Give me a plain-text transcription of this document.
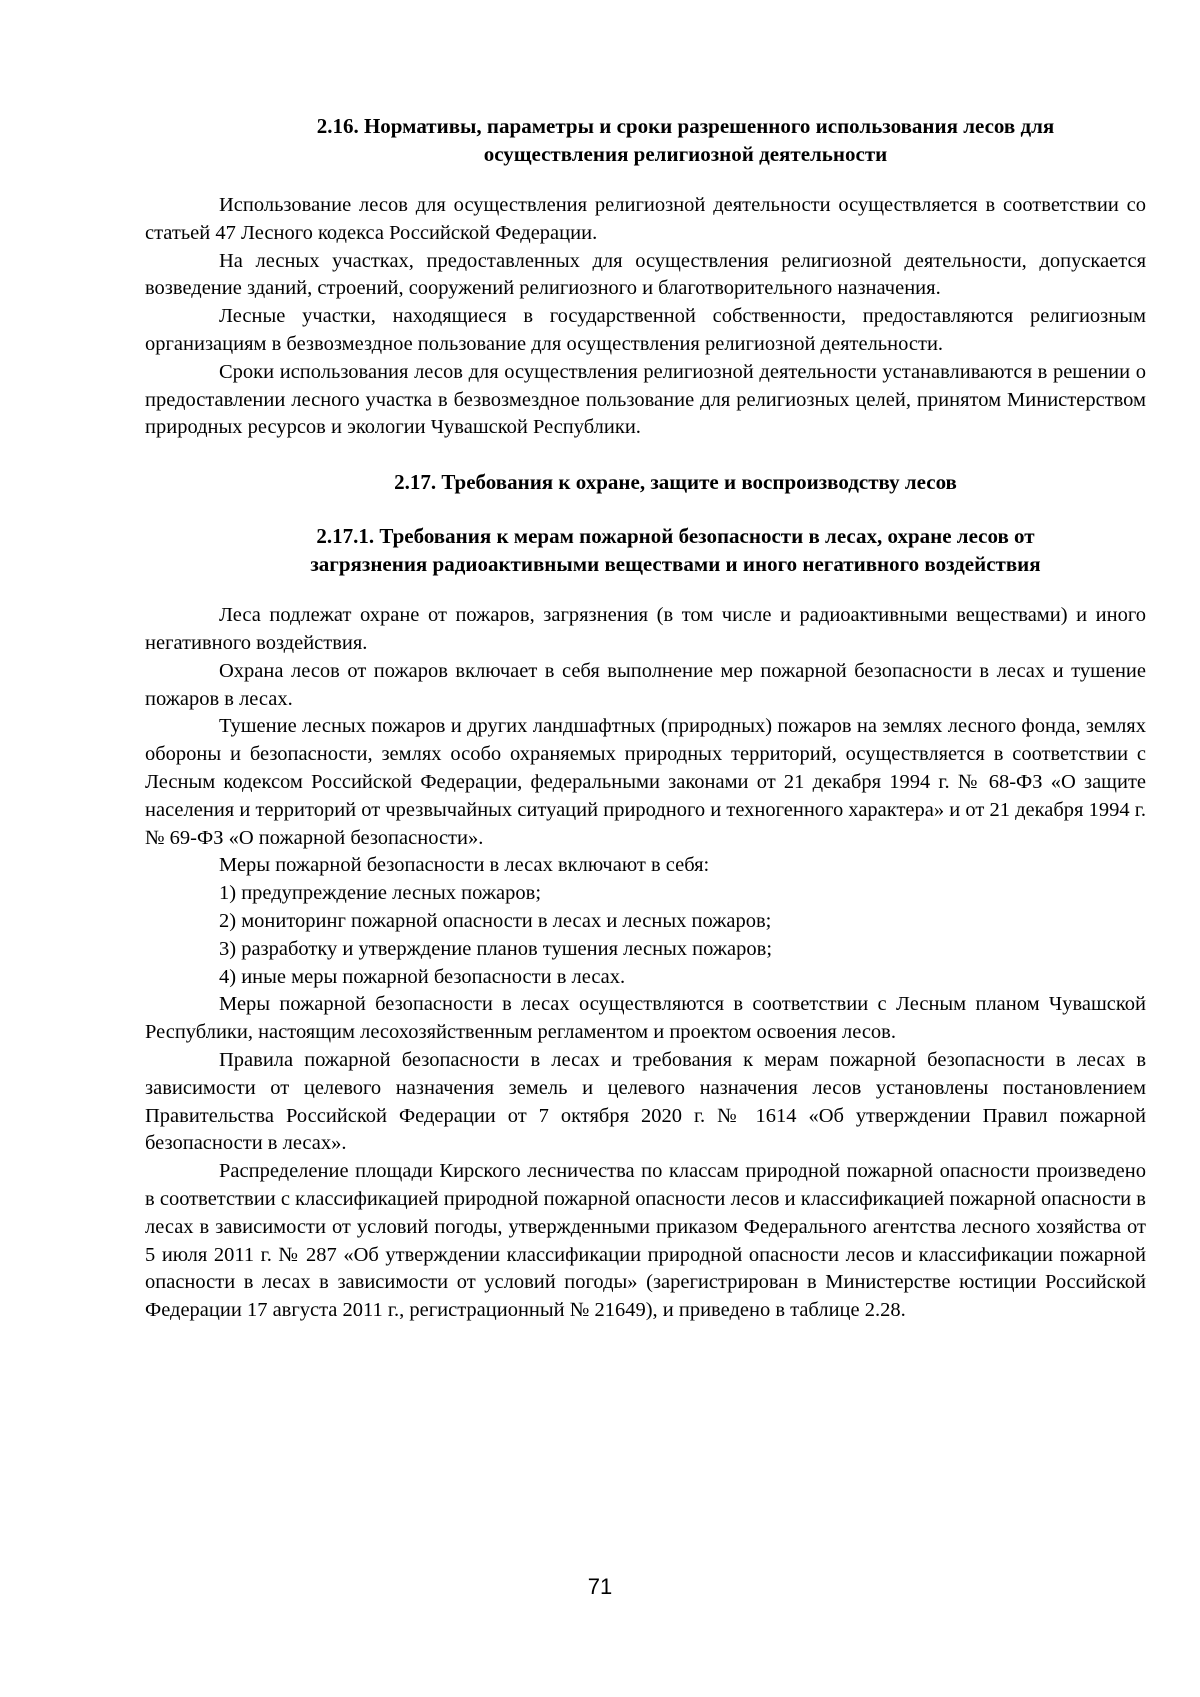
2.16. Нормативы, параметры и сроки разрешенного использования лесов для
осуществления религиозной деятельности

Использование лесов для осуществления религиозной деятельности осуществляется в соответствии со статьей 47 Лесного кодекса Российской Федерации.

На лесных участках, предоставленных для осуществления религиозной деятельности, допускается возведение зданий, строений, сооружений религиозного и благотворительного назначения.

Лесные участки, находящиеся в государственной собственности, предоставляются религиозным организациям в безвозмездное пользование для осуществления религиозной деятельности.

Сроки использования лесов для осуществления религиозной деятельности устанавливаются в решении о предоставлении лесного участка в безвозмездное пользование для религиозных целей, принятом Министерством природных ресурсов и экологии Чувашской Республики.

2.17. Требования к охране, защите и воспроизводству лесов
2.17.1. Требования к мерам пожарной безопасности в лесах, охране лесов от
загрязнения радиоактивными веществами и иного негативного воздействия

Леса подлежат охране от пожаров, загрязнения (в том числе и радиоактивными веществами) и иного негативного воздействия.

Охрана лесов от пожаров включает в себя выполнение мер пожарной безопасности в лесах и тушение пожаров в лесах.

Тушение лесных пожаров и других ландшафтных (природных) пожаров на землях лесного фонда, землях обороны и безопасности, землях особо охраняемых природных территорий, осуществляется в соответствии с Лесным кодексом Российской Федерации, федеральными законами от 21 декабря 1994 г. № 68-ФЗ «О защите населения и территорий от чрезвычайных ситуаций природного и техногенного характера» и от 21 декабря 1994 г. № 69-ФЗ «О пожарной безопасности».

Меры пожарной безопасности в лесах включают в себя:

1) предупреждение лесных пожаров;

2) мониторинг пожарной опасности в лесах и лесных пожаров;

3) разработку и утверждение планов тушения лесных пожаров;

4) иные меры пожарной безопасности в лесах.

Меры пожарной безопасности в лесах осуществляются в соответствии с Лесным планом Чувашской Республики, настоящим лесохозяйственным регламентом и проектом освоения лесов.

Правила пожарной безопасности в лесах и требования к мерам пожарной безопасности в лесах в зависимости от целевого назначения земель и целевого назначения лесов установлены постановлением Правительства Российской Федерации от 7 октября 2020 г. № 1614 «Об утверждении Правил пожарной безопасности в лесах».

Распределение площади Кирского лесничества по классам природной пожарной опасности произведено в соответствии с классификацией природной пожарной опасности лесов и классификацией пожарной опасности в лесах в зависимости от условий погоды, утвержденными приказом Федерального агентства лесного хозяйства от 5 июля 2011 г. № 287 «Об утверждении классификации природной опасности лесов и классификации пожарной опасности в лесах в зависимости от условий погоды» (зарегистрирован в Министерстве юстиции Российской Федерации 17 августа 2011 г., регистрационный № 21649), и приведено в таблице 2.28.

71
